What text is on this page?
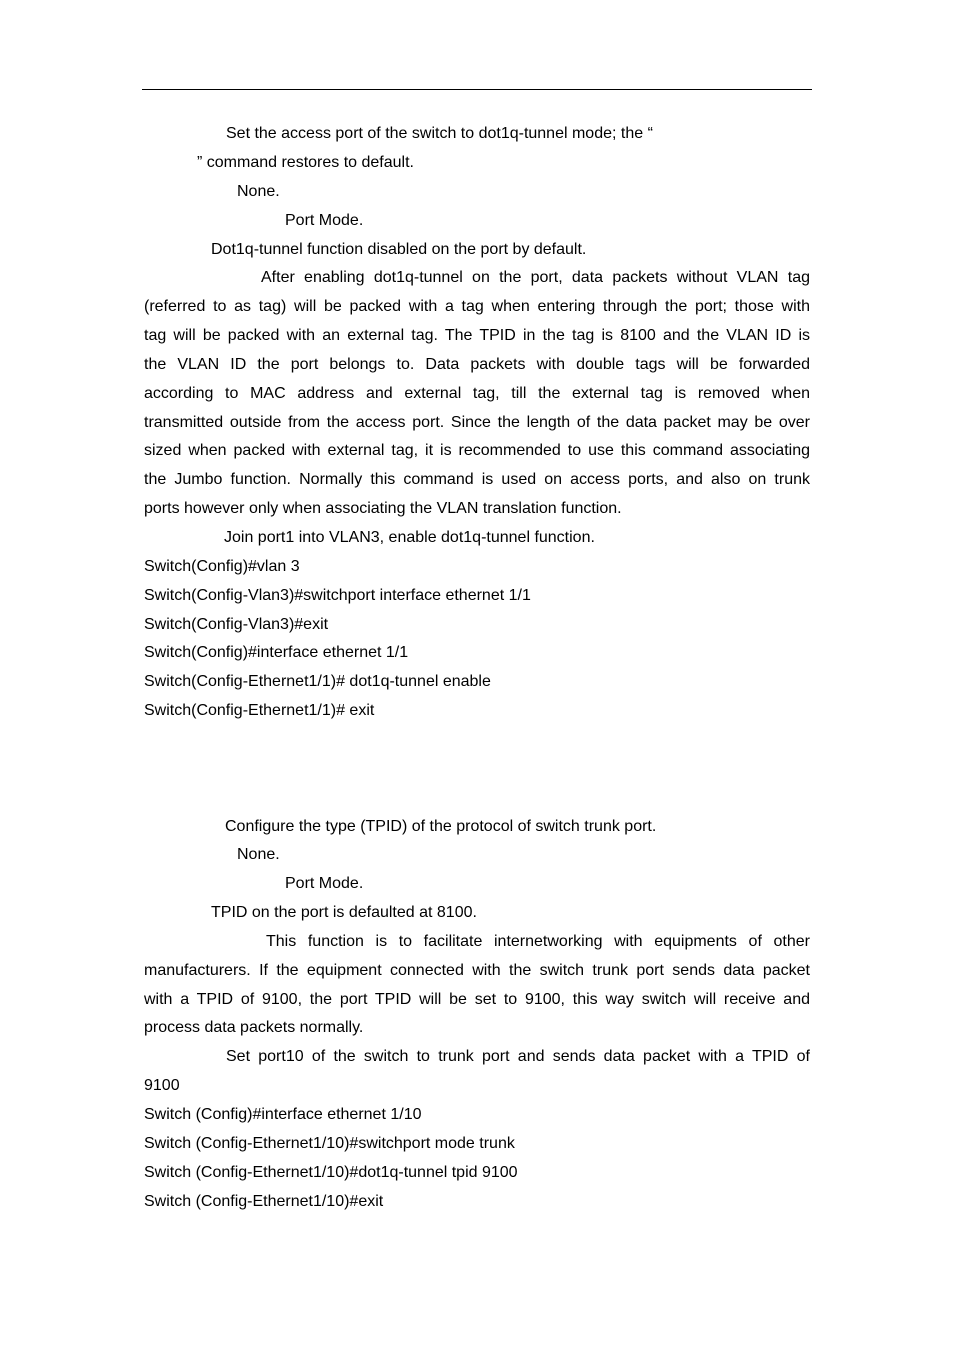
Set the access port of the switch to dot1q-tunnel mode; the “
” command restores to default.
None.
Port Mode.
Dot1q-tunnel function disabled on the port by default.
After enabling dot1q-tunnel on the port, data packets without VLAN tag
(referred to as tag) will be packed with a tag when entering through the port; those with
tag will be packed with an external tag. The TPID in the tag is 8100 and the VLAN ID is
the VLAN ID the port belongs to. Data packets with double tags will be forwarded
according to MAC address and external tag, till the external tag is removed when
transmitted outside from the access port. Since the length of the data packet may be over
sized when packed with external tag, it is recommended to use this command associating
the Jumbo function. Normally this command is used on access ports, and also on trunk
ports however only when associating the VLAN translation function.
Join port1 into VLAN3, enable dot1q-tunnel function.
Switch(Config)#vlan 3
Switch(Config-Vlan3)#switchport interface ethernet 1/1
Switch(Config-Vlan3)#exit
Switch(Config)#interface ethernet 1/1
Switch(Config-Ethernet1/1)# dot1q-tunnel enable
Switch(Config-Ethernet1/1)# exit
Configure the type (TPID) of the protocol of switch trunk port.
None.
Port Mode.
TPID on the port is defaulted at 8100.
This function is to facilitate internetworking with equipments of other
manufacturers. If the equipment connected with the switch trunk port sends data packet
with a TPID of 9100, the port TPID will be set to 9100, this way switch will receive and
process data packets normally.
Set port10 of the switch to trunk port and sends data packet with a TPID of
9100
Switch (Config)#interface ethernet 1/10
Switch (Config-Ethernet1/10)#switchport mode trunk
Switch (Config-Ethernet1/10)#dot1q-tunnel tpid 9100
Switch (Config-Ethernet1/10)#exit
